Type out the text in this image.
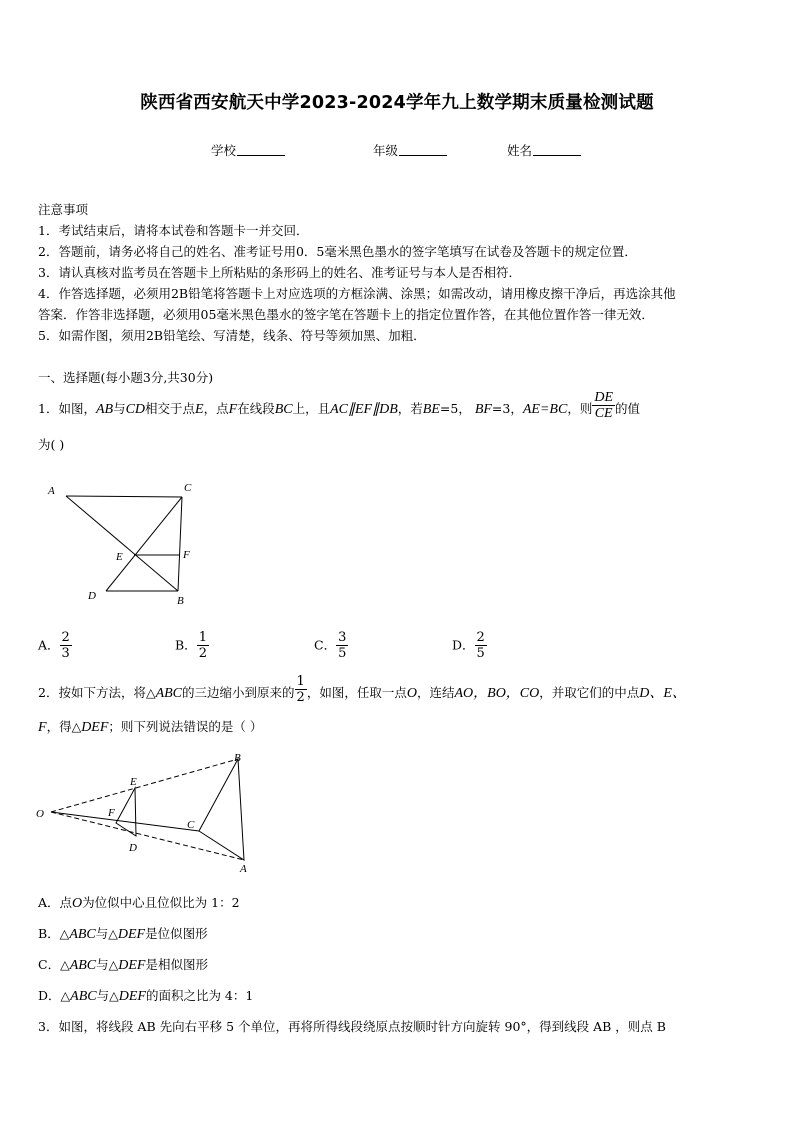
陕西省西安航天中学2023-2024学年九上数学期末质量检测试题
学校	年级	姓名
注意事项
1．考试结束后，请将本试卷和答题卡一并交回．
2．答题前，请务必将自己的姓名、准考证号用0．5毫米黑色墨水的签字笔填写在试卷及答题卡的规定位置．
3．请认真核对监考员在答题卡上所粘贴的条形码上的姓名、准考证号与本人是否相符．
4．作答选择题，必须用2B铅笔将答题卡上对应选项的方框涂满、涂黑；如需改动，请用橡皮擦干净后，再选涂其他
答案．作答非选择题，必须用05毫米黑色墨水的签字笔在答题卡上的指定位置作答，在其他位置作答一律无效．
5．如需作图，须用2B铅笔绘、写清楚，线条、符号等须加黑、加粗．
一、选择题(每小题3分,共30分)
1．如图，AB与CD相交于点E，点F在线段BC上，且AC∥EF∥DB，若BE=5， BF=3，AE=BC，则 $\frac{DE}{CE}$ 的值
为( )
A	C
E	F
D	B
A． $\frac{2}{3}$	B． $\frac{1}{2}$	C． $\frac{3}{5}$	D． $\frac{2}{5}$
2．按如下方法，将△ABC的三边缩小到原来的 $\frac{1}{2}$ ，如图，任取一点O，连结AO，BO，CO，并取它们的中点D、E、
F，得△DEF；则下列说法错误的是（ ）
O
B
A
C
E
F
D
A．点O为位似中心且位似比为 1：2
B．△ABC与△DEF是位似图形
C．△ABC与△DEF是相似图形
D．△ABC与△DEF的面积之比为 4：1
3．如图，将线段 AB 先向右平移 5 个单位，再将所得线段绕原点按顺时针方向旋转 90°，得到线段 AB ，则点 B
